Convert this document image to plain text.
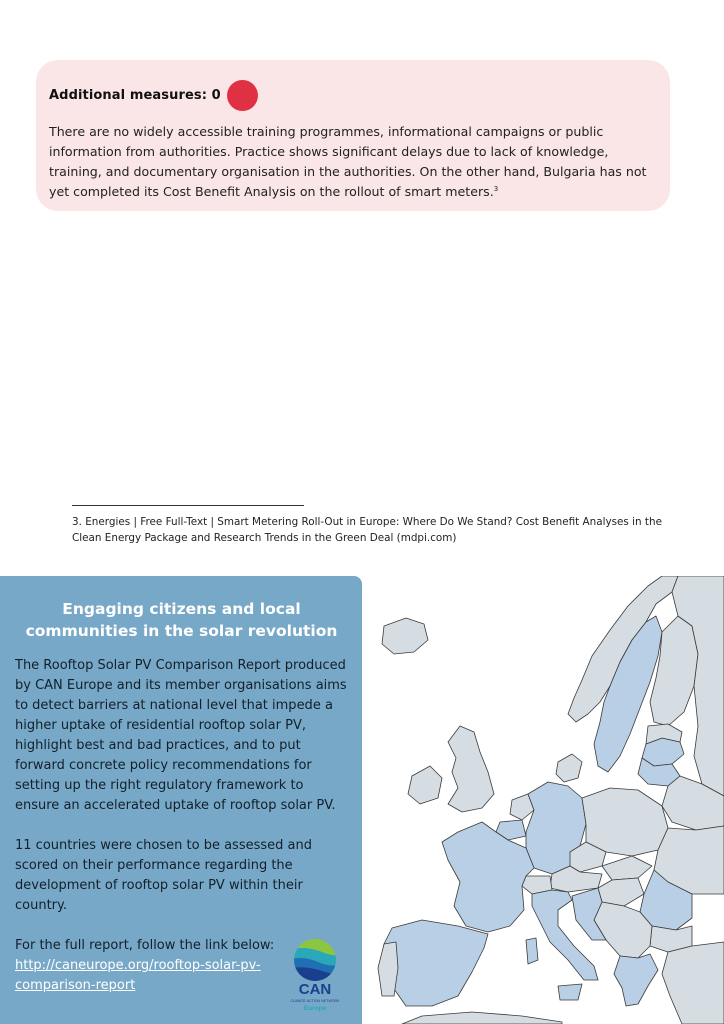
Additional measures: 0
There are no widely accessible training programmes, informational campaigns or public information from authorities. Practice shows significant delays due to lack of knowledge, training, and documentary organisation in the authorities. On the other hand, Bulgaria has not yet completed its Cost Benefit Analysis on the rollout of smart meters.$^3$
3. Energies | Free Full-Text | Smart Metering Roll-Out in Europe: Where Do We Stand? Cost Benefit Analyses in the Clean Energy Package and Research Trends in the Green Deal (mdpi.com)
Engaging citizens and local
communities in the solar revolution

The Rooftop Solar PV Comparison Report produced by CAN Europe and its member organisations aims to detect barriers at national level that impede a higher uptake of residential rooftop solar PV, highlight best and bad practices, and to put forward concrete policy recommendations for setting up the right regulatory framework to ensure an accelerated uptake of rooftop solar PV.

11 countries were chosen to be assessed and scored on their performance regarding the development of rooftop solar PV within their country.

For the full report, follow the link below:

http://caneurope.org/rooftop-solar-pv-comparison-report	CAN
CLIMATE ACTION NETWORK
Europe
